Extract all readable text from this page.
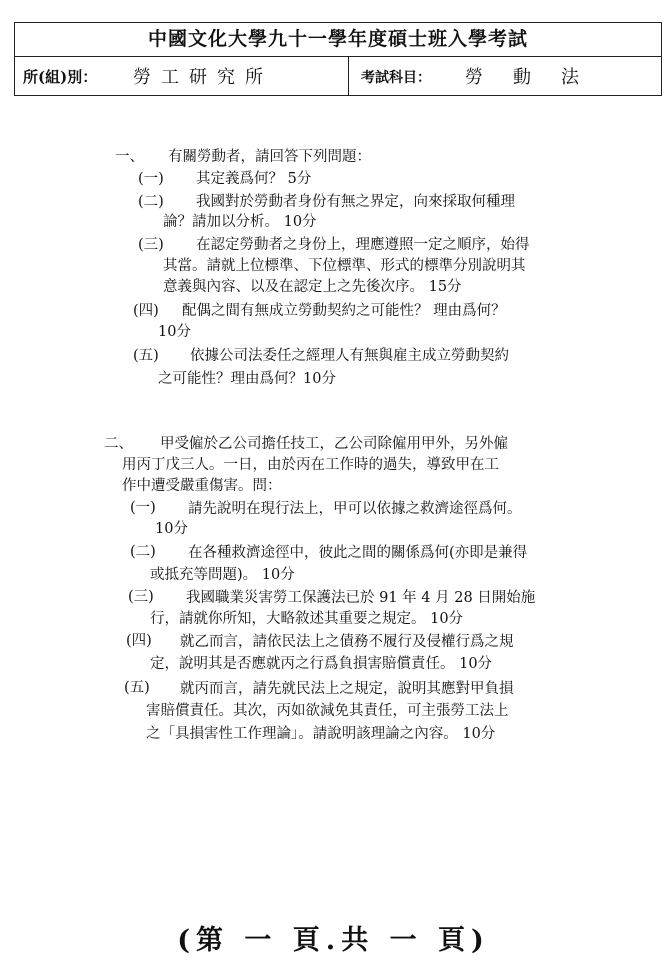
中國文化大學九十一學年度碩士班入學考試
所(組)別： 勞工研究所	考試科目： 勞動法
一、 有關勞動者，請回答下列問題：
(一) 其定義爲何？ 5分
(二) 我國對於勞動者身份有無之界定，向來採取何種理
論？請加以分析。 10分
(三) 在認定勞動者之身份上，理應遵照一定之順序，始得
其當。請就上位標準、下位標準、形式的標準分別說明其
意義與內容、以及在認定上之先後次序。 15分
(四) 配偶之間有無成立勞動契約之可能性？ 理由爲何？
10分
(五) 依據公司法委任之經理人有無與雇主成立勞動契約
之可能性？理由爲何？10分
二、 甲受僱於乙公司擔任技工，乙公司除僱用甲外，另外僱
用丙丁戊三人。一日，由於丙在工作時的過失，導致甲在工
作中遭受嚴重傷害。問：
(一) 請先說明在現行法上，甲可以依據之救濟途徑爲何。
10分
(二) 在各種救濟途徑中，彼此之間的關係爲何(亦即是兼得
或抵充等問題)。 10分
(三) 我國職業災害勞工保護法已於 91 年 4 月 28 日開始施
行，請就你所知，大略敘述其重要之規定。 10分
(四) 就乙而言，請依民法上之債務不履行及侵權行爲之規
定，說明其是否應就丙之行爲負損害賠償責任。 10分
(五) 就丙而言，請先就民法上之規定，說明其應對甲負損
害賠償責任。其次，丙如欲減免其責任，可主張勞工法上
之「具損害性工作理論」。請說明該理論之內容。 10分
(第 一 頁.共 一 頁)
